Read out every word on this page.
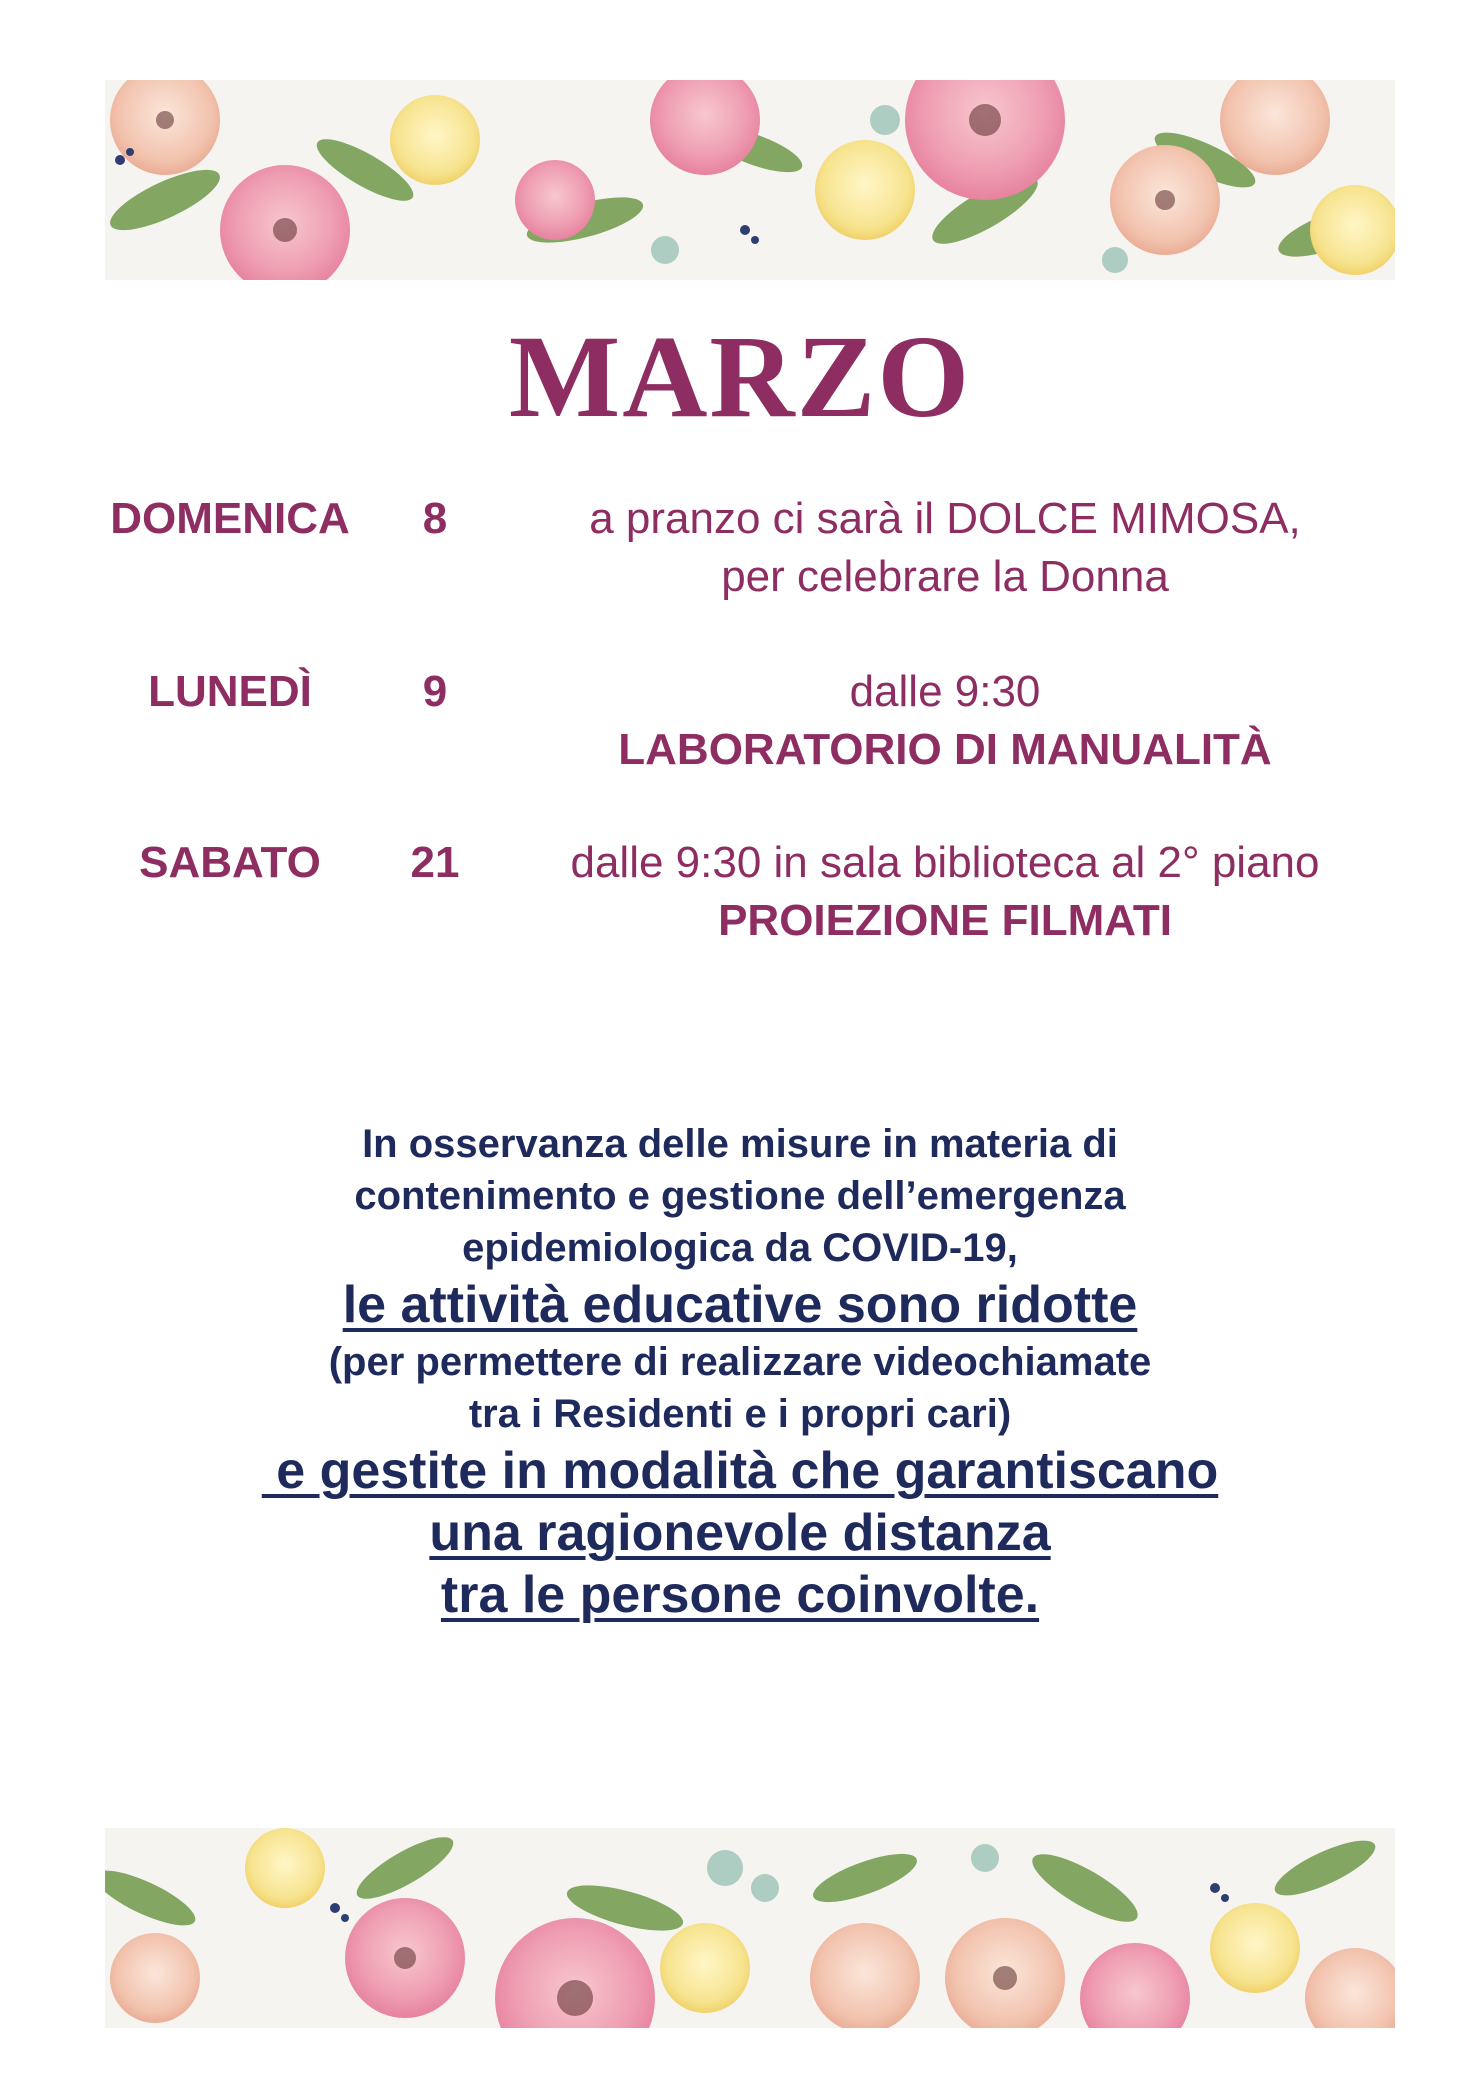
MARZO
DOMENICA	8	a pranzo ci sarà il DOLCE MIMOSA,
per celebrare la Donna
LUNEDÌ	9	dalle 9:30
LABORATORIO DI MANUALITÀ
SABATO	21	dalle 9:30 in sala biblioteca al 2° piano
PROIEZIONE FILMATI
In osservanza delle misure in materia di
contenimento e gestione dell’emergenza
epidemiologica da COVID-19,
le attività educative sono ridotte
(per permettere di realizzare videochiamate
tra i Residenti e i propri cari)
e gestite in modalità che garantiscano
una ragionevole distanza
tra le persone coinvolte.
